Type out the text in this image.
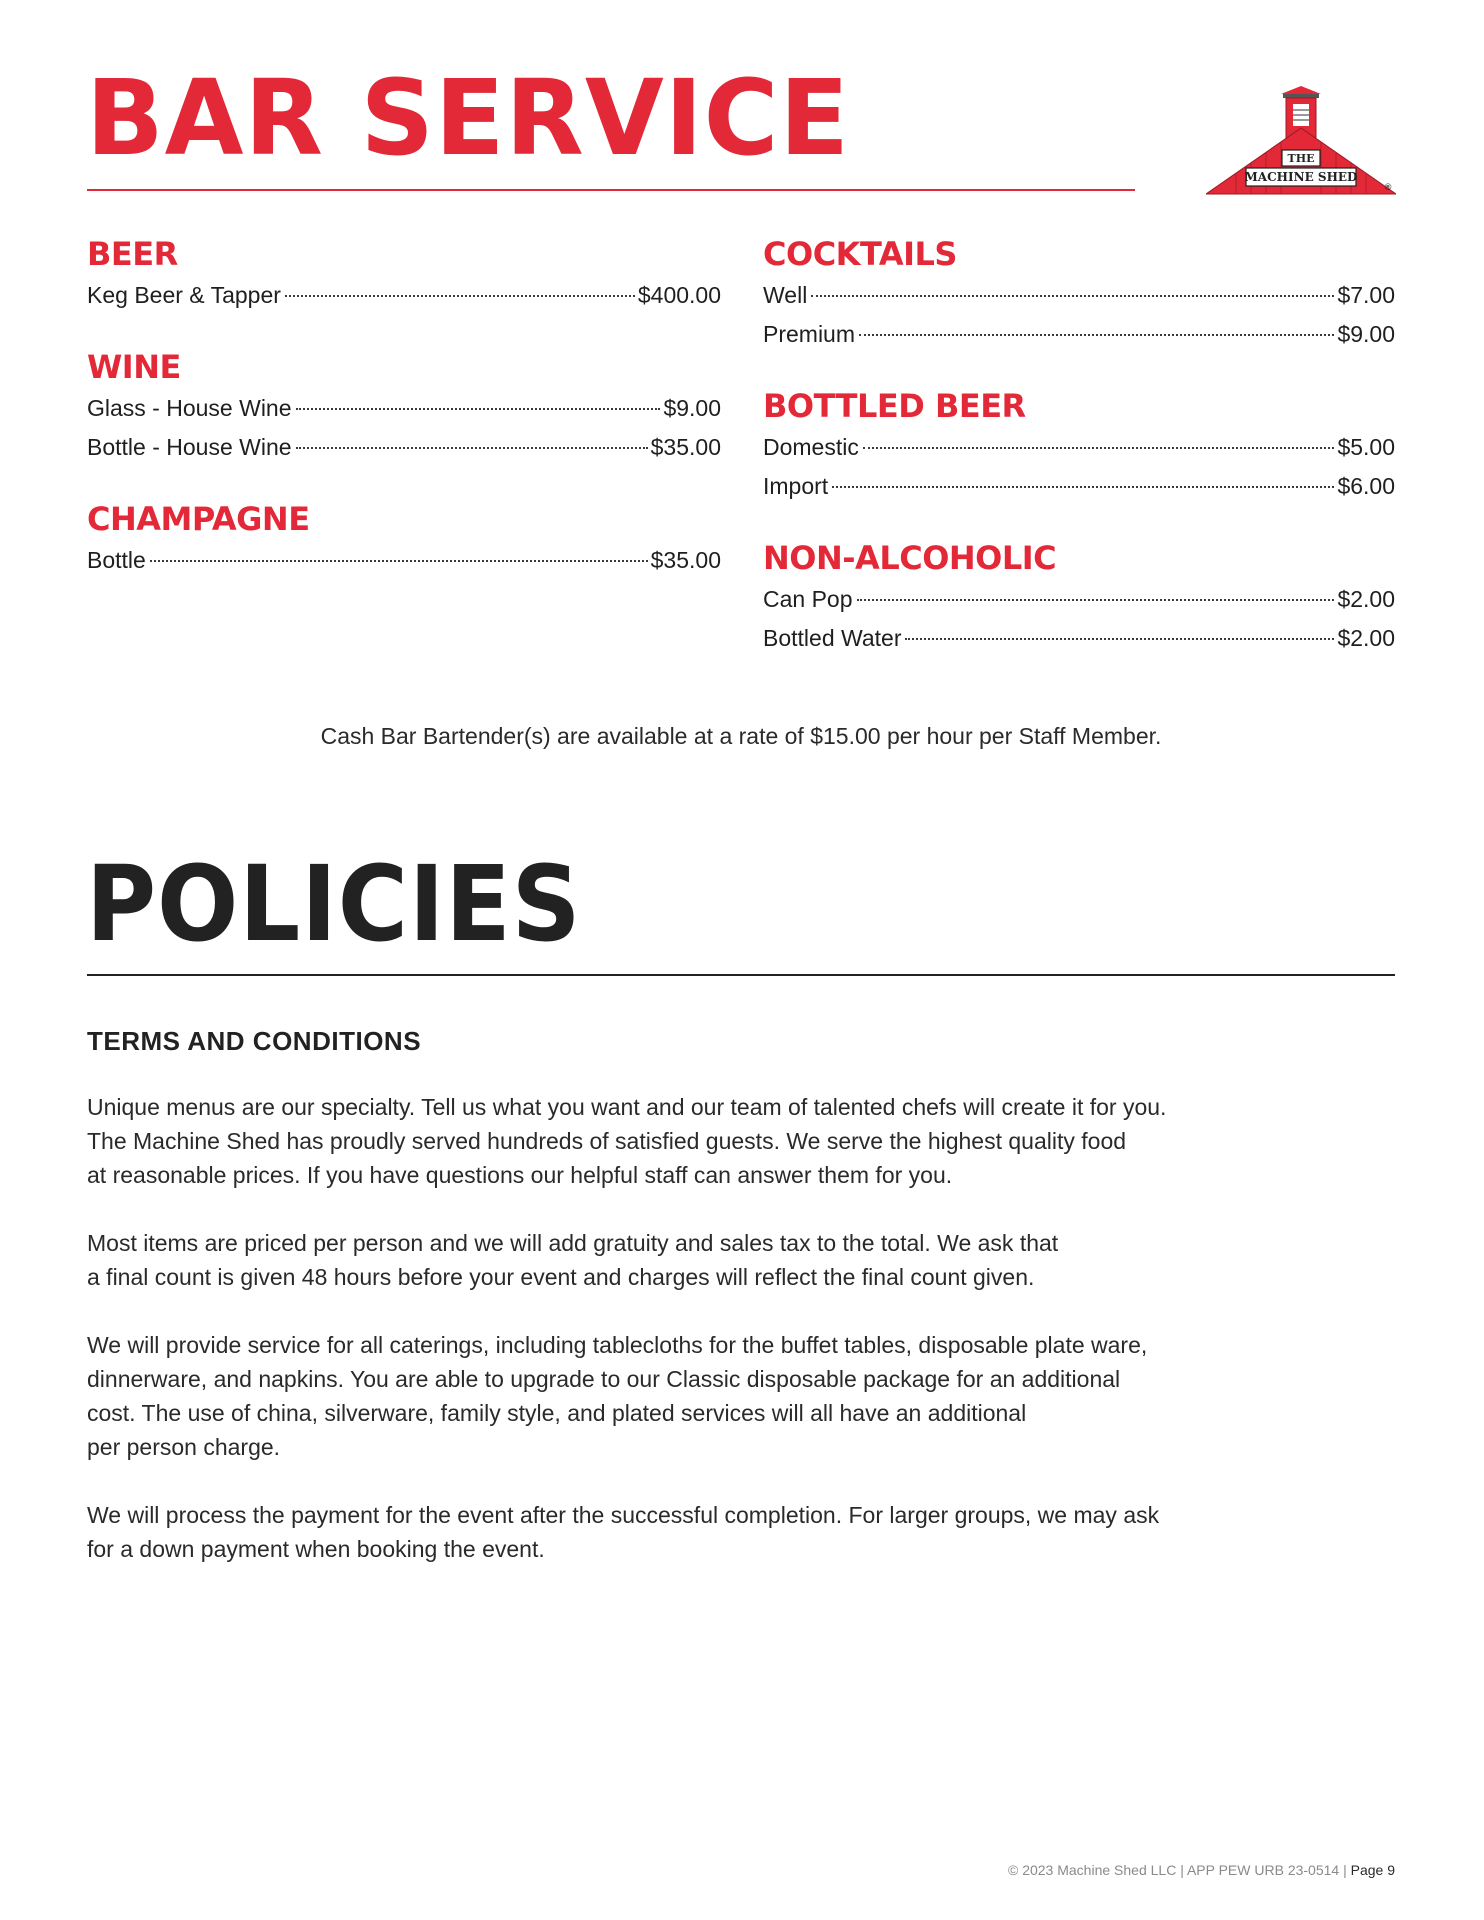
BAR SERVICE	THE
MACHINE SHED
®
BEER
Keg Beer & Tapper	$400.00
WINE
Glass - House Wine	$9.00
Bottle - House Wine	$35.00
CHAMPAGNE
Bottle	$35.00
COCKTAILS
Well	$7.00
Premium	$9.00
BOTTLED BEER
Domestic	$5.00
Import	$6.00
NON-ALCOHOLIC
Can Pop	$2.00
Bottled Water	$2.00

Cash Bar Bartender(s) are available at a rate of $15.00 per hour per Staff Member.

POLICIES
TERMS AND CONDITIONS

Unique menus are our specialty. Tell us what you want and our team of talented chefs will create it for you.
The Machine Shed has proudly served hundreds of satisfied guests. We serve the highest quality food
at reasonable prices. If you have questions our helpful staff can answer them for you.

Most items are priced per person and we will add gratuity and sales tax to the total. We ask that
a final count is given 48 hours before your event and charges will reflect the final count given.

We will provide service for all caterings, including tablecloths for the buffet tables, disposable plate ware,
dinnerware, and napkins. You are able to upgrade to our Classic disposable package for an additional
cost. The use of china, silverware, family style, and plated services will all have an additional
per person charge.

We will process the payment for the event after the successful completion. For larger groups, we may ask
for a down payment when booking the event.

© 2023 Machine Shed LLC | APP PEW URB 23-0514 | Page 9
